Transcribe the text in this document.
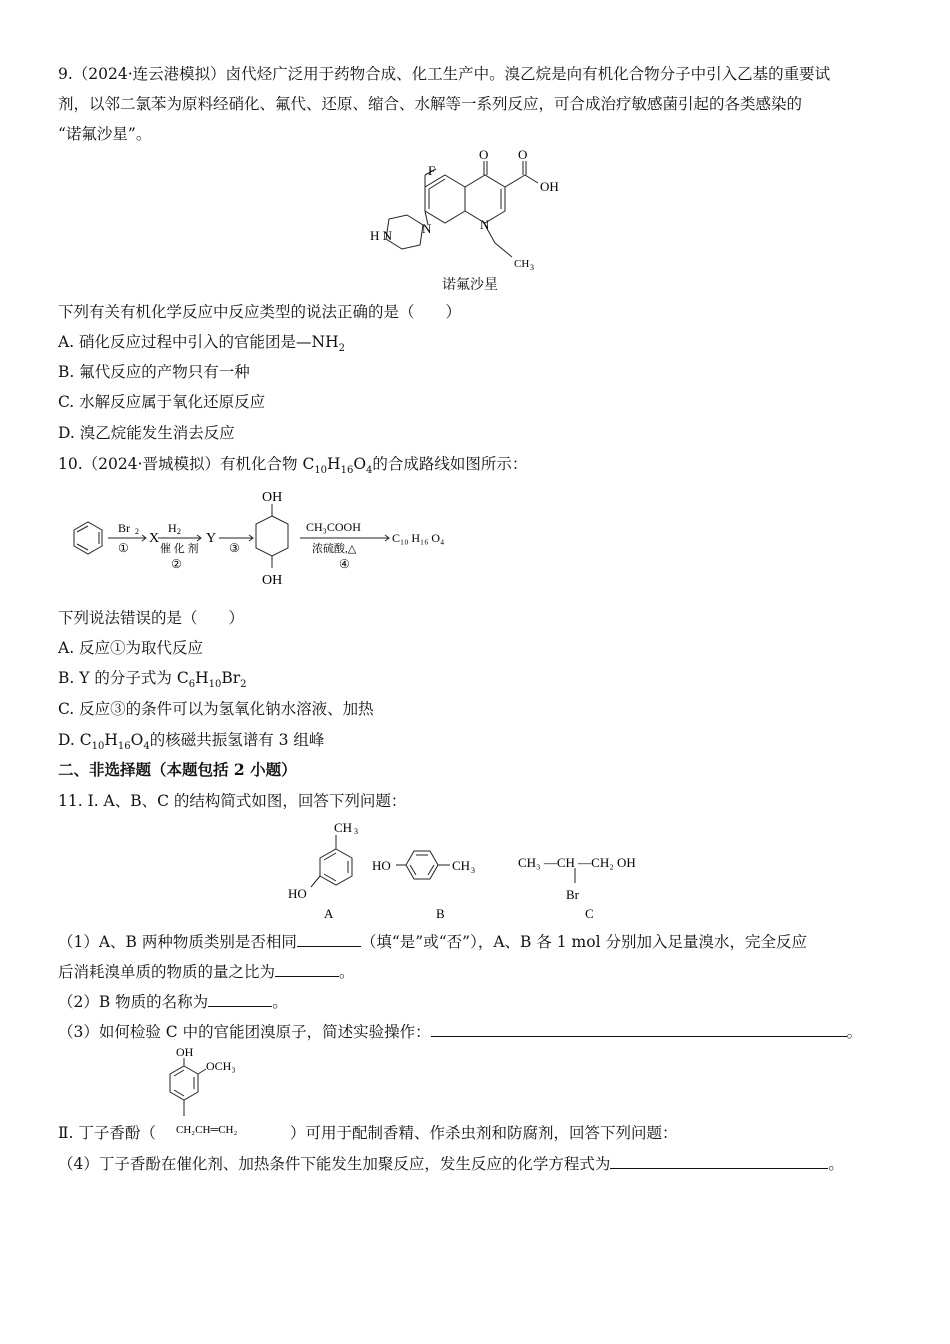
9.（2024·连云港模拟）卤代烃广泛用于药物合成、化工生产中。溴乙烷是向有机化合物分子中引入乙基的重要试
剂，以邻二氯苯为原料经硝化、氟代、还原、缩合、水解等一系列反应，可合成治疗敏感菌引起的各类感染的
“诺氟沙星”。
F
O O
OH
N
N
H N
CH 3
诺氟沙星
下列有关有机化学反应中反应类型的说法正确的是（　　）
A. 硝化反应过程中引入的官能团是$—NH_2$
B. 氟代反应的产物只有一种
C. 水解反应属于氧化还原反应
D. 溴乙烷能发生消去反应
10.（2024·晋城模拟）有机化合物 $C_{10}H_{16}O_4$的合成路线如图所示：
Br 2
①
X
H 2
催 化 剂
②
Y
③
OH
OH
CH₃COOH
浓硫酸,△
④
C₁₀ H₁₆ O₄
下列说法错误的是（　　）
A. 反应①为取代反应
B. Y 的分子式为 $C_6H_{10}Br_2$
C. 反应③的条件可以为氢氧化钠水溶液、加热
D. $C_{10}H_{16}O_4$的核磁共振氢谱有 3 组峰
二、非选择题（本题包括 2 小题）
11. I. A、B、C 的结构简式如图，回答下列问题：
CH 3
HO
A
HO	CH 3
B
CH₃ —CH —CH₂ OH
Br
C
（1）A、B 两种物质类别是否相同	（填“是”或“否”），A、B 各 1 mol 分别加入足量溴水，完全反应
后消耗溴单质的物质的量之比为	。
（2）B 物质的名称为	。
（3）如何检验 C 中的官能团溴原子，简述实验操作：	。
OH
OCH₃
CH₂CH═CH₂
Ⅱ. 丁子香酚（	）可用于配制香精、作杀虫剂和防腐剂，回答下列问题：
（4）丁子香酚在催化剂、加热条件下能发生加聚反应，发生反应的化学方程式为	。
